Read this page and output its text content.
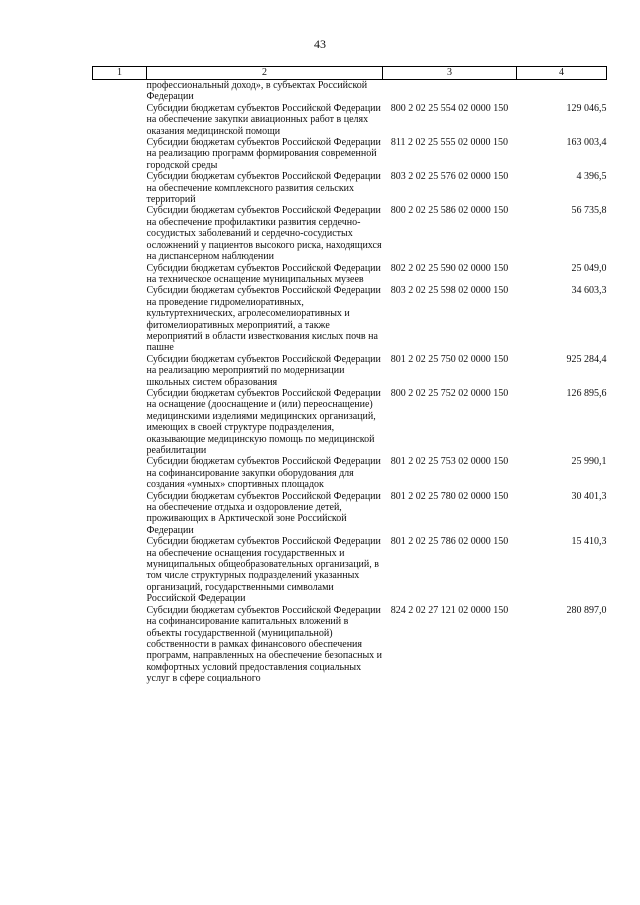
43
1	2	3	4
	профессиональный доход», в субъектах Российской Федерации		
	Субсидии бюджетам субъектов Российской Федерации на обеспечение закупки авиационных работ в целях оказания медицинской помощи	800 2 02 25 554 02 0000 150	129 046,5
	Субсидии бюджетам субъектов Российской Федерации на реализацию программ формирования современной городской среды	811 2 02 25 555 02 0000 150	163 003,4
	Субсидии бюджетам субъектов Российской Федерации на обеспечение комплексного развития сельских территорий	803 2 02 25 576 02 0000 150	4 396,5
	Субсидии бюджетам субъектов Российской Федерации на обеспечение профилактики развития сердечно-сосудистых заболеваний и сердечно-сосудистых осложнений у пациентов высокого риска, находящихся на диспансерном наблюдении	800 2 02 25 586 02 0000 150	56 735,8
	Субсидии бюджетам субъектов Российской Федерации на техническое оснащение муниципальных музеев	802 2 02 25 590 02 0000 150	25 049,0
	Субсидии бюджетам субъектов Российской Федерации на проведение гидромелиоративных, культуртехнических, агролесомелиоративных и фитомелиоративных мероприятий, а также мероприятий в области известкования кислых почв на пашне	803 2 02 25 598 02 0000 150	34 603,3
	Субсидии бюджетам субъектов Российской Федерации на реализацию мероприятий по модернизации школьных систем образования	801 2 02 25 750 02 0000 150	925 284,4
	Субсидии бюджетам субъектов Российской Федерации на оснащение (дооснащение и (или) переоснащение) медицинскими изделиями медицинских организаций, имеющих в своей структуре подразделения, оказывающие медицинскую помощь по медицинской реабилитации	800 2 02 25 752 02 0000 150	126 895,6
	Субсидии бюджетам субъектов Российской Федерации на софинансирование закупки оборудования для создания «умных» спортивных площадок	801 2 02 25 753 02 0000 150	25 990,1
	Субсидии бюджетам субъектов Российской Федерации на обеспечение отдыха и оздоровление детей, проживающих в Арктической зоне Российской Федерации	801 2 02 25 780 02 0000 150	30 401,3
	Субсидии бюджетам субъектов Российской Федерации на обеспечение оснащения государственных и муниципальных общеобразовательных организаций, в том числе структурных подразделений указанных организаций, государственными символами Российской Федерации	801 2 02 25 786 02 0000 150	15 410,3
	Субсидии бюджетам субъектов Российской Федерации на софинансирование капитальных вложений в объекты государственной (муниципальной) собственности в рамках финансового обеспечения программ, направленных на обеспечение безопасных и комфортных условий предоставления социальных услуг в сфере социального	824 2 02 27 121 02 0000 150	280 897,0
